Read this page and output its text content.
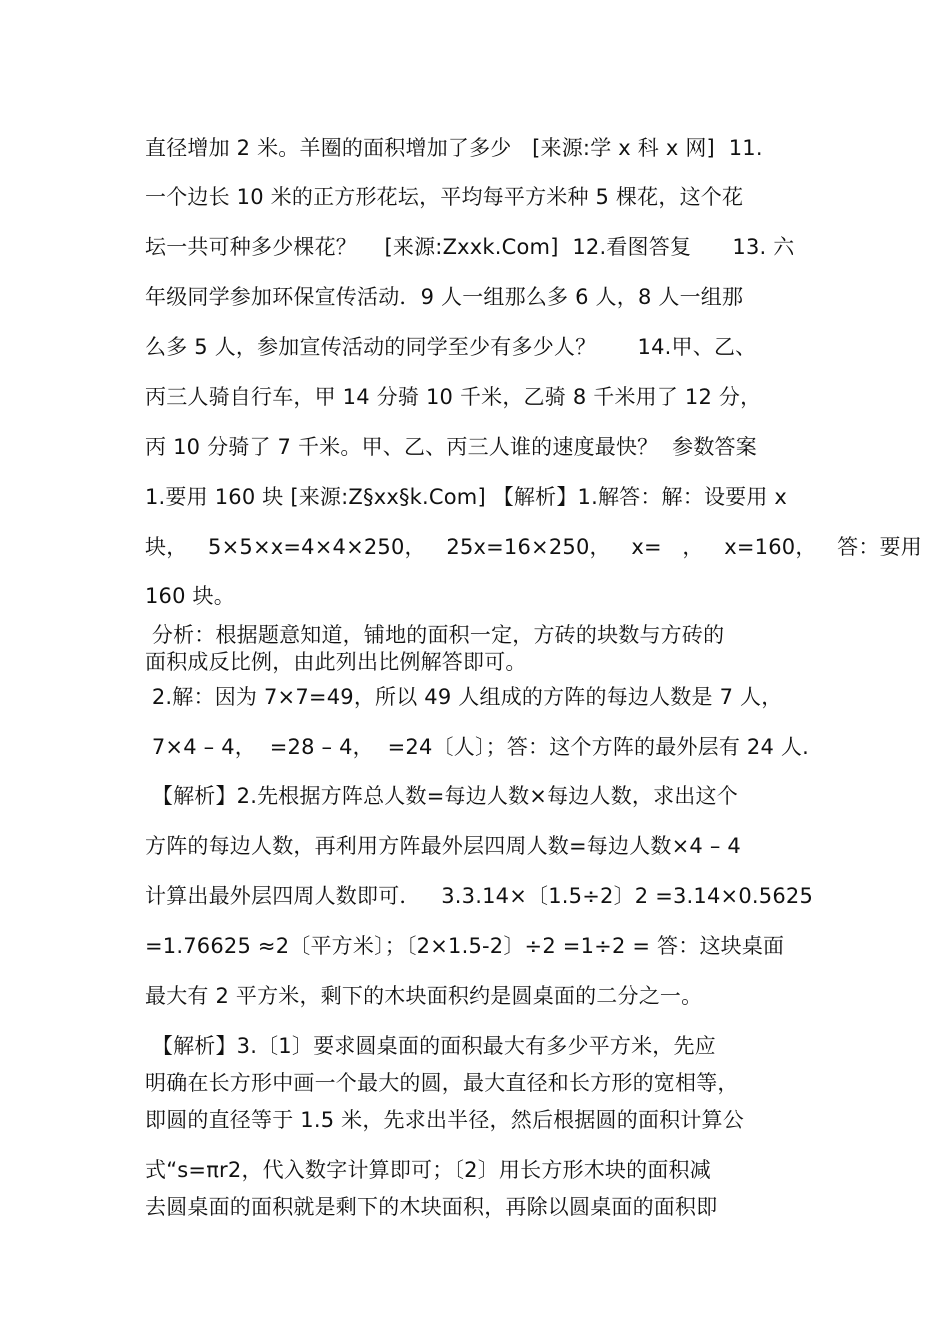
直径增加 2 米。羊圈的面积增加了多少   [来源:学 x 科 x 网]  11.
一个边长 10 米的正方形花坛，平均每平方米种 5 棵花，这个花
坛一共可种多少棵花？    [来源:Zxxk.Com]  12.看图答复      13. 六
年级同学参加环保宣传活动．9 人一组那么多 6 人，8 人一组那
么多 5 人，参加宣传活动的同学至少有多少人？      14.甲、乙、
丙三人骑自行车，甲 14 分骑 10 千米，乙骑 8 千米用了 12 分，
丙 10 分骑了 7 千米。甲、乙、丙三人谁的速度最快？  参数答案
1.要用 160 块 [来源:Z§xx§k.Com] 【解析】1.解答：解：设要用 x
块，   5×5×x=4×4×250，   25x=16×250，   x=   ，   x=160，   答：要用
160 块。
分析：根据题意知道，铺地的面积一定，方砖的块数与方砖的
面积成反比例，由此列出比例解答即可。
2.解：因为 7×7=49，所以 49 人组成的方阵的每边人数是 7 人，
7×4 – 4，  =28 – 4，  =24〔人〕；答：这个方阵的最外层有 24 人.
【解析】2.先根据方阵总人数=每边人数×每边人数，求出这个
方阵的每边人数，再利用方阵最外层四周人数=每边人数×4 – 4
计算出最外层四周人数即可．   3.3.14×〔1.5÷2〕2 =3.14×0.5625
=1.76625 ≈2〔平方米〕；〔2×1.5-2〕÷2 =1÷2 = 答：这块桌面
最大有 2 平方米，剩下的木块面积约是圆桌面的二分之一。
【解析】3.〔1〕要求圆桌面的面积最大有多少平方米，先应
明确在长方形中画一个最大的圆，最大直径和长方形的宽相等，
即圆的直径等于 1.5 米，先求出半径，然后根据圆的面积计算公
式“s=πr2，代入数字计算即可；〔2〕用长方形木块的面积减
去圆桌面的面积就是剩下的木块面积，再除以圆桌面的面积即
